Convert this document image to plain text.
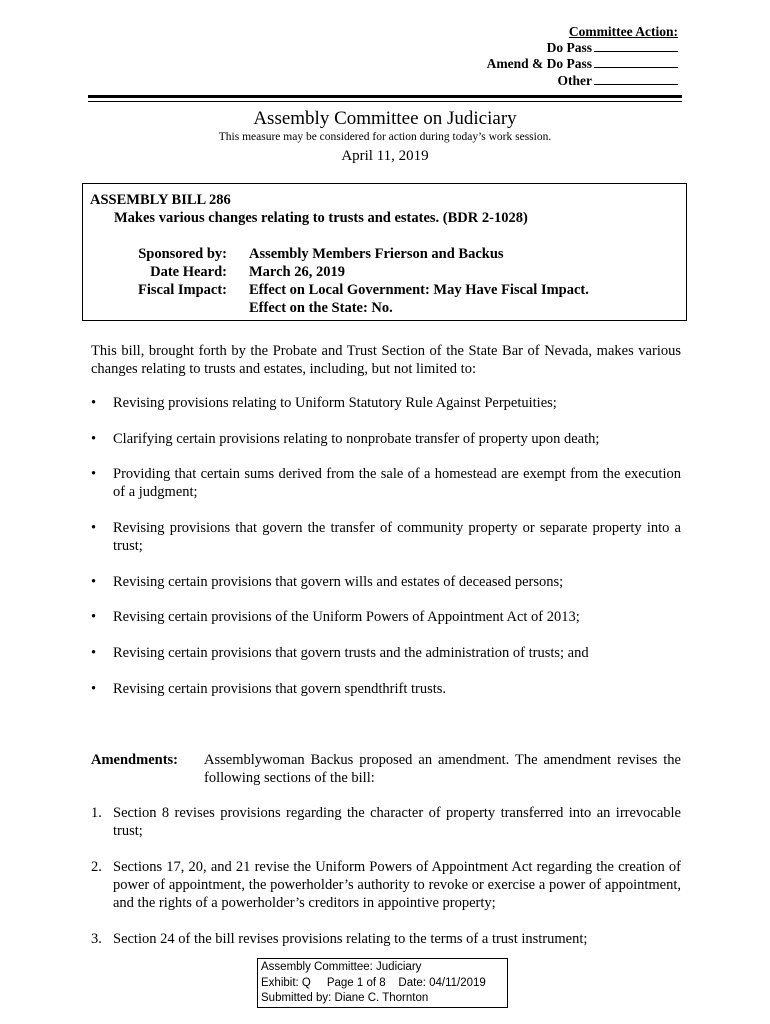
Committee Action:
Do Pass
Amend & Do Pass
Other
Assembly Committee on Judiciary
This measure may be considered for action during today’s work session.
April 11, 2019
ASSEMBLY BILL 286
Makes various changes relating to trusts and estates. (BDR 2-1028)
Sponsored by: Assembly Members Frierson and Backus
Date Heard: March 26, 2019
Fiscal Impact: Effect on Local Government: May Have Fiscal Impact.
Effect on the State: No.
This bill, brought forth by the Probate and Trust Section of the State Bar of Nevada, makes various changes relating to trusts and estates, including, but not limited to:
• Revising provisions relating to Uniform Statutory Rule Against Perpetuities;
• Clarifying certain provisions relating to nonprobate transfer of property upon death;
• Providing that certain sums derived from the sale of a homestead are exempt from the execution of a judgment;
• Revising provisions that govern the transfer of community property or separate property into a trust;
• Revising certain provisions that govern wills and estates of deceased persons;
• Revising certain provisions of the Uniform Powers of Appointment Act of 2013;
• Revising certain provisions that govern trusts and the administration of trusts; and
• Revising certain provisions that govern spendthrift trusts.
Amendments: Assemblywoman Backus proposed an amendment. The amendment revises the following sections of the bill:
1. Section 8 revises provisions regarding the character of property transferred into an irrevocable trust;
2. Sections 17, 20, and 21 revise the Uniform Powers of Appointment Act regarding the creation of power of appointment, the powerholder’s authority to revoke or exercise a power of appointment, and the rights of a powerholder’s creditors in appointive property;
3. Section 24 of the bill revises provisions relating to the terms of a trust instrument;
Assembly Committee: Judiciary
Exhibit: Q     Page 1 of 8    Date: 04/11/2019
Submitted by: Diane C. Thornton
